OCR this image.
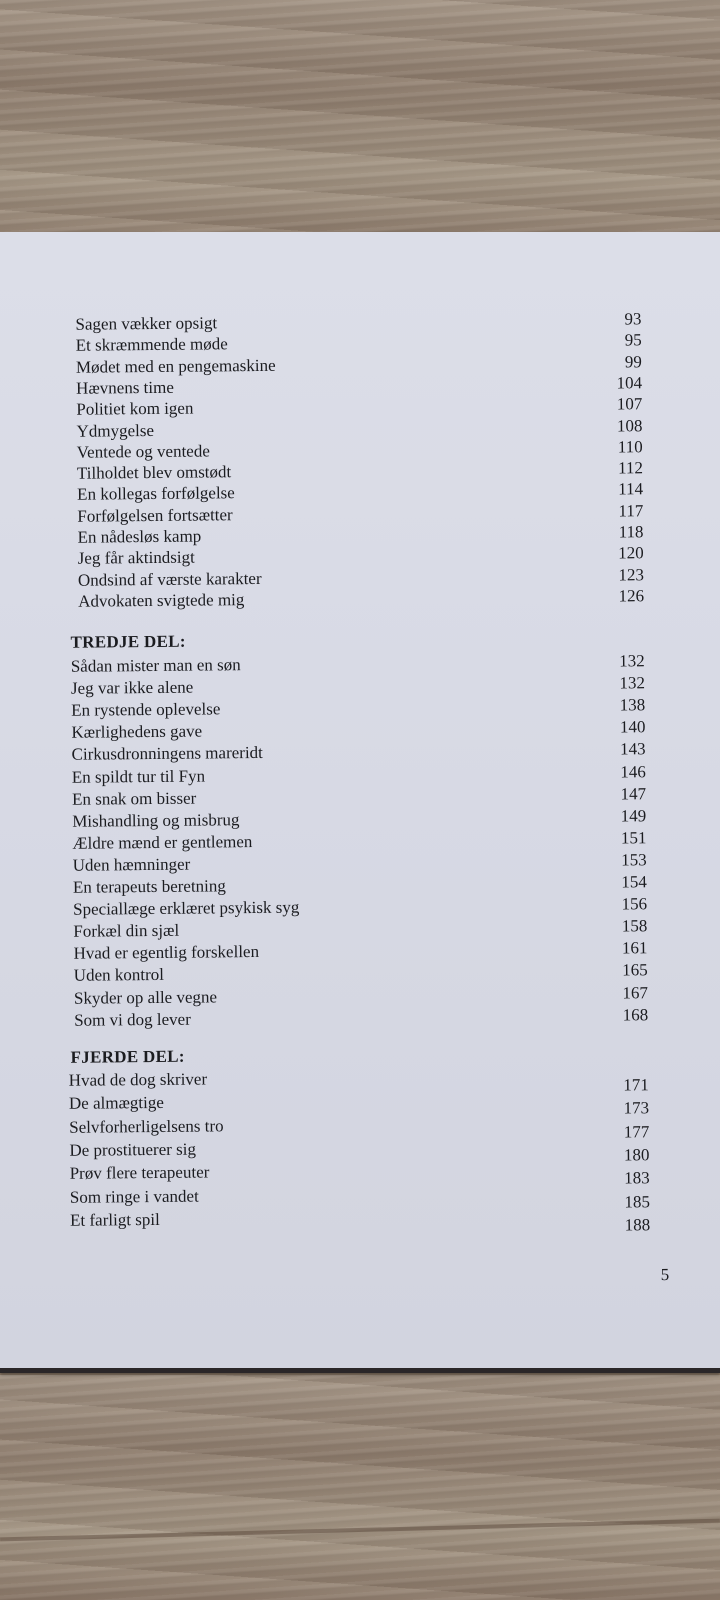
TREDJE DEL:
FJERDE DEL:
5
Sagen vækker opsigt	93
Et skræmmende møde	95
Mødet med en pengemaskine	99
Hævnens time	104
Politiet kom igen	107
Ydmygelse	108
Ventede og ventede	110
Tilholdet blev omstødt	112
En kollegas forfølgelse	114
Forfølgelsen fortsætter	117
En nådesløs kamp	118
Jeg får aktindsigt	120
Ondsind af værste karakter	123
Advokaten svigtede mig	126
Sådan mister man en søn	132
Jeg var ikke alene	132
En rystende oplevelse	138
Kærlighedens gave	140
Cirkusdronningens mareridt	143
En spildt tur til Fyn	146
En snak om bisser	147
Mishandling og misbrug	149
Ældre mænd er gentlemen	151
Uden hæmninger	153
En terapeuts beretning	154
Speciallæge erklæret psykisk syg	156
Forkæl din sjæl	158
Hvad er egentlig forskellen	161
Uden kontrol	165
Skyder op alle vegne	167
Som vi dog lever	168
Hvad de dog skriver	171
De almægtige	173
Selvforherligelsens tro	177
De prostituerer sig	180
Prøv flere terapeuter	183
Som ringe i vandet	185
Et farligt spil	188
